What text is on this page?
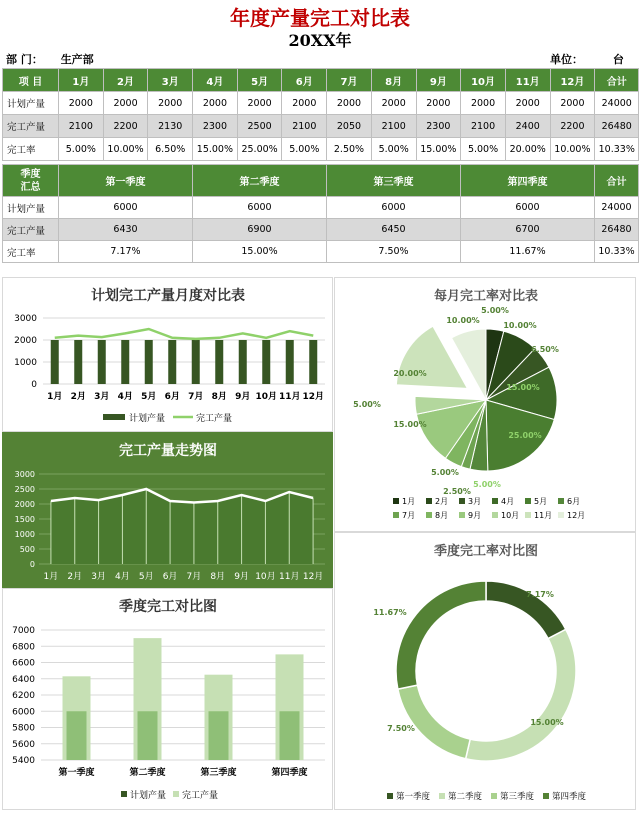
年度产量完工对比表
20XX年
部 门： 生产部	单位：	台
项 目	1月	2月	3月	4月	5月	6月	7月	8月	9月	10月	11月	12月	合计
计划产量	2000	2000	2000	2000	2000	2000	2000	2000	2000	2000	2000	2000	24000
完工产量	2100	2200	2130	2300	2500	2100	2050	2100	2300	2100	2400	2200	26480
完工率	5.00%	10.00%	6.50%	15.00%	25.00%	5.00%	2.50%	5.00%	15.00%	5.00%	20.00%	10.00%	10.33%
季度
汇总	第一季度	第二季度	第三季度	第四季度	合计
计划产量	6000	6000	6000	6000	24000
完工产量	6430	6900	6450	6700	26480
完工率	7.17%	15.00%	7.50%	11.67%	10.33%
计划完工产量月度对比表
0
1000
2000
3000
1月 2月 3月 4月 5月 6月 7月 8月 9月 10月 11月 12月
计划产量	完工产量
完工产量走势图
0
500
1000
1500
2000
2500
3000
1月 2月 3月 4月 5月 6月 7月 8月 9月 10月 11月 12月
季度完工对比图
5400
5600
5800
6000
6200
6400
6600
6800
7000
第一季度	第二季度	第三季度	第四季度
计划产量 完工产量
每月完工率对比表
5.00%
10.00%
6.50%
15.00%
25.00%
5.00%
2.50%
5.00%
15.00%
5.00%
20.00%
10.00%
1月 2月 3月 4月 5月 6月
7月 8月 9月 10月 11月 12月
季度完工率对比图
7.17%
15.00%
7.50%
11.67%
第一季度 第二季度 第三季度 第四季度
